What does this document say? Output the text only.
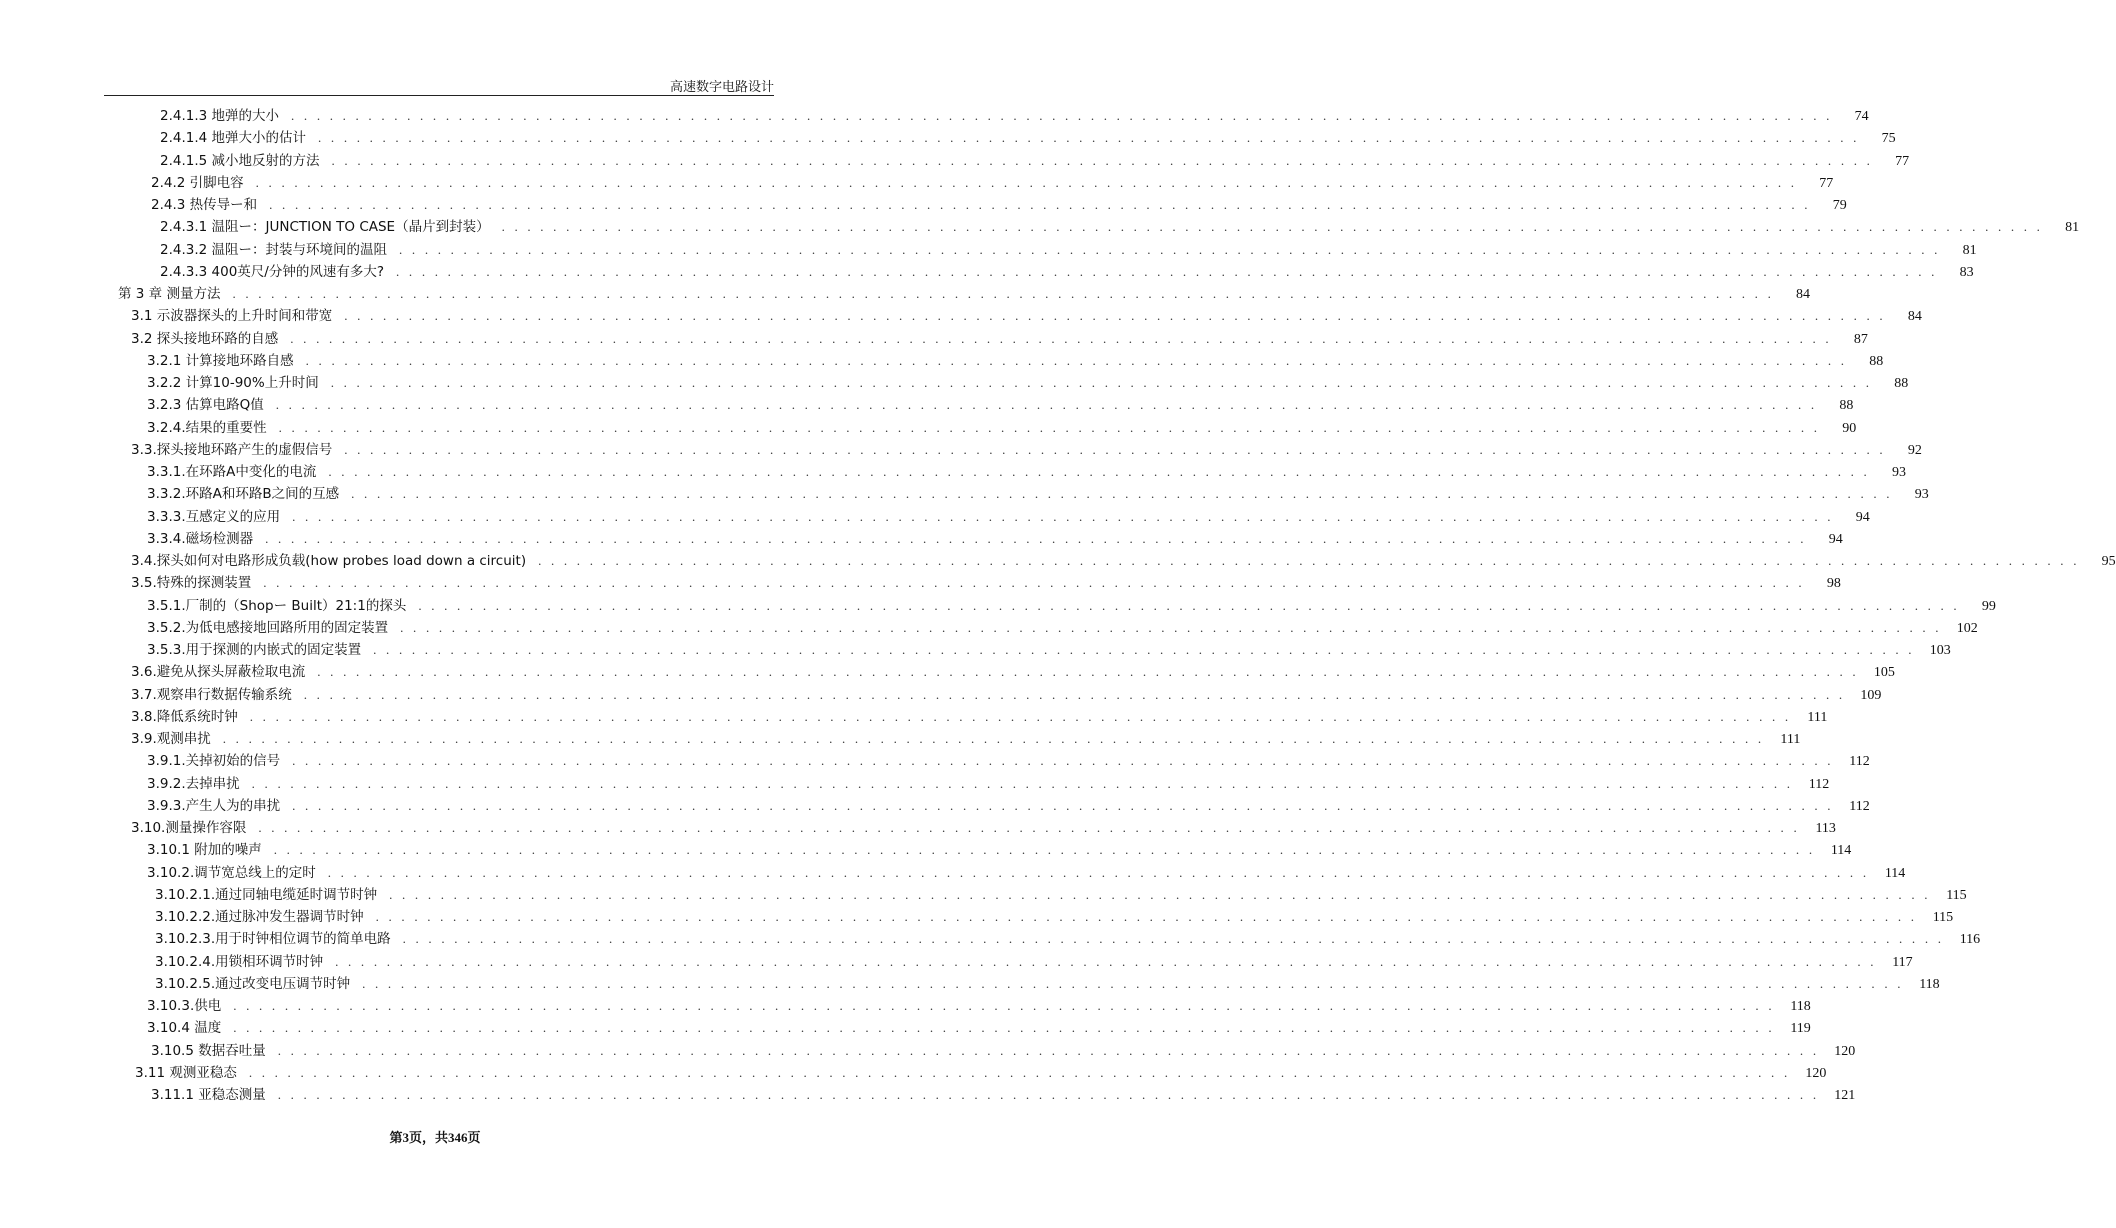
高速数字电路设计
2.4.1.3 地弹的大小 . . . . . . . . . . . . . . . . . . . . . . . . . . . . . . . . . . . . . . . . . . . . . . . . . . . . . . . . . . . . . . . . . . . . . . . . . . . . . . . . . . . . . . . . . . . . . . . . . . . . . . . . . . . . . . . . . . . . . . . .	74
2.4.1.4 地弹大小的估计 . . . . . . . . . . . . . . . . . . . . . . . . . . . . . . . . . . . . . . . . . . . . . . . . . . . . . . . . . . . . . . . . . . . . . . . . . . . . . . . . . . . . . . . . . . . . . . . . . . . . . . . . . . . . . . . . . . . . . . . .	75
2.4.1.5 减小地反射的方法 . . . . . . . . . . . . . . . . . . . . . . . . . . . . . . . . . . . . . . . . . . . . . . . . . . . . . . . . . . . . . . . . . . . . . . . . . . . . . . . . . . . . . . . . . . . . . . . . . . . . . . . . . . . . . . . . . . . . . . . .	77
2.4.2 引脚电容 . . . . . . . . . . . . . . . . . . . . . . . . . . . . . . . . . . . . . . . . . . . . . . . . . . . . . . . . . . . . . . . . . . . . . . . . . . . . . . . . . . . . . . . . . . . . . . . . . . . . . . . . . . . . . . . . . . . . . . . .	77
2.4.3 热传导ー和 . . . . . . . . . . . . . . . . . . . . . . . . . . . . . . . . . . . . . . . . . . . . . . . . . . . . . . . . . . . . . . . . . . . . . . . . . . . . . . . . . . . . . . . . . . . . . . . . . . . . . . . . . . . . . . . . . . . . . . . .	79
2.4.3.1 温阻ー：JUNCTION TO CASE（晶片到封装） . . . . . . . . . . . . . . . . . . . . . . . . . . . . . . . . . . . . . . . . . . . . . . . . . . . . . . . . . . . . . . . . . . . . . . . . . . . . . . . . . . . . . . . . . . . . . . . . . . . . . . . . . . . . . . . . . . . . . . . .	81
2.4.3.2 温阻ー：封装与环境间的温阻 . . . . . . . . . . . . . . . . . . . . . . . . . . . . . . . . . . . . . . . . . . . . . . . . . . . . . . . . . . . . . . . . . . . . . . . . . . . . . . . . . . . . . . . . . . . . . . . . . . . . . . . . . . . . . . . . . . . . . . . .	81
2.4.3.3 400英尺/分钟的风速有多大? . . . . . . . . . . . . . . . . . . . . . . . . . . . . . . . . . . . . . . . . . . . . . . . . . . . . . . . . . . . . . . . . . . . . . . . . . . . . . . . . . . . . . . . . . . . . . . . . . . . . . . . . . . . . . . . . . . . . . . . .	83
第 3 章 测量方法 . . . . . . . . . . . . . . . . . . . . . . . . . . . . . . . . . . . . . . . . . . . . . . . . . . . . . . . . . . . . . . . . . . . . . . . . . . . . . . . . . . . . . . . . . . . . . . . . . . . . . . . . . . . . . . . . . . . . . . . .	84
3.1 示波器探头的上升时间和带宽 . . . . . . . . . . . . . . . . . . . . . . . . . . . . . . . . . . . . . . . . . . . . . . . . . . . . . . . . . . . . . . . . . . . . . . . . . . . . . . . . . . . . . . . . . . . . . . . . . . . . . . . . . . . . . . . . . . . . . . . .	84
3.2 探头接地环路的自感 . . . . . . . . . . . . . . . . . . . . . . . . . . . . . . . . . . . . . . . . . . . . . . . . . . . . . . . . . . . . . . . . . . . . . . . . . . . . . . . . . . . . . . . . . . . . . . . . . . . . . . . . . . . . . . . . . . . . . . . .	87
3.2.1 计算接地环路自感 . . . . . . . . . . . . . . . . . . . . . . . . . . . . . . . . . . . . . . . . . . . . . . . . . . . . . . . . . . . . . . . . . . . . . . . . . . . . . . . . . . . . . . . . . . . . . . . . . . . . . . . . . . . . . . . . . . . . . . . .	88
3.2.2 计算10-90%上升时间 . . . . . . . . . . . . . . . . . . . . . . . . . . . . . . . . . . . . . . . . . . . . . . . . . . . . . . . . . . . . . . . . . . . . . . . . . . . . . . . . . . . . . . . . . . . . . . . . . . . . . . . . . . . . . . . . . . . . . . . .	88
3.2.3 估算电路Q值 . . . . . . . . . . . . . . . . . . . . . . . . . . . . . . . . . . . . . . . . . . . . . . . . . . . . . . . . . . . . . . . . . . . . . . . . . . . . . . . . . . . . . . . . . . . . . . . . . . . . . . . . . . . . . . . . . . . . . . . .	88
3.2.4.结果的重要性 . . . . . . . . . . . . . . . . . . . . . . . . . . . . . . . . . . . . . . . . . . . . . . . . . . . . . . . . . . . . . . . . . . . . . . . . . . . . . . . . . . . . . . . . . . . . . . . . . . . . . . . . . . . . . . . . . . . . . . . .	90
3.3.探头接地环路产生的虚假信号 . . . . . . . . . . . . . . . . . . . . . . . . . . . . . . . . . . . . . . . . . . . . . . . . . . . . . . . . . . . . . . . . . . . . . . . . . . . . . . . . . . . . . . . . . . . . . . . . . . . . . . . . . . . . . . . . . . . . . . . .	92
3.3.1.在环路A中变化的电流 . . . . . . . . . . . . . . . . . . . . . . . . . . . . . . . . . . . . . . . . . . . . . . . . . . . . . . . . . . . . . . . . . . . . . . . . . . . . . . . . . . . . . . . . . . . . . . . . . . . . . . . . . . . . . . . . . . . . . . . .	93
3.3.2.环路A和环路B之间的互感 . . . . . . . . . . . . . . . . . . . . . . . . . . . . . . . . . . . . . . . . . . . . . . . . . . . . . . . . . . . . . . . . . . . . . . . . . . . . . . . . . . . . . . . . . . . . . . . . . . . . . . . . . . . . . . . . . . . . . . . .	93
3.3.3.互感定义的应用 . . . . . . . . . . . . . . . . . . . . . . . . . . . . . . . . . . . . . . . . . . . . . . . . . . . . . . . . . . . . . . . . . . . . . . . . . . . . . . . . . . . . . . . . . . . . . . . . . . . . . . . . . . . . . . . . . . . . . . . .	94
3.3.4.磁场检测器 . . . . . . . . . . . . . . . . . . . . . . . . . . . . . . . . . . . . . . . . . . . . . . . . . . . . . . . . . . . . . . . . . . . . . . . . . . . . . . . . . . . . . . . . . . . . . . . . . . . . . . . . . . . . . . . . . . . . . . . .	94
3.4.探头如何对电路形成负载(how probes load down a circuit) . . . . . . . . . . . . . . . . . . . . . . . . . . . . . . . . . . . . . . . . . . . . . . . . . . . . . . . . . . . . . . . . . . . . . . . . . . . . . . . . . . . . . . . . . . . . . . . . . . . . . . . . . . . . . . . . . . . . . . . .	95
3.5.特殊的探测装置 . . . . . . . . . . . . . . . . . . . . . . . . . . . . . . . . . . . . . . . . . . . . . . . . . . . . . . . . . . . . . . . . . . . . . . . . . . . . . . . . . . . . . . . . . . . . . . . . . . . . . . . . . . . . . . . . . . . . . . . .	98
3.5.1.厂制的（Shopー Built）21:1的探头 . . . . . . . . . . . . . . . . . . . . . . . . . . . . . . . . . . . . . . . . . . . . . . . . . . . . . . . . . . . . . . . . . . . . . . . . . . . . . . . . . . . . . . . . . . . . . . . . . . . . . . . . . . . . . . . . . . . . . . . .	99
3.5.2.为低电感接地回路所用的固定装置 . . . . . . . . . . . . . . . . . . . . . . . . . . . . . . . . . . . . . . . . . . . . . . . . . . . . . . . . . . . . . . . . . . . . . . . . . . . . . . . . . . . . . . . . . . . . . . . . . . . . . . . . . . . . . . . . . . . . . . . .	102
3.5.3.用于探测的内嵌式的固定装置 . . . . . . . . . . . . . . . . . . . . . . . . . . . . . . . . . . . . . . . . . . . . . . . . . . . . . . . . . . . . . . . . . . . . . . . . . . . . . . . . . . . . . . . . . . . . . . . . . . . . . . . . . . . . . . . . . . . . . . . .	103
3.6.避免从探头屏蔽检取电流 . . . . . . . . . . . . . . . . . . . . . . . . . . . . . . . . . . . . . . . . . . . . . . . . . . . . . . . . . . . . . . . . . . . . . . . . . . . . . . . . . . . . . . . . . . . . . . . . . . . . . . . . . . . . . . . . . . . . . . . .	105
3.7.观察串行数据传输系统 . . . . . . . . . . . . . . . . . . . . . . . . . . . . . . . . . . . . . . . . . . . . . . . . . . . . . . . . . . . . . . . . . . . . . . . . . . . . . . . . . . . . . . . . . . . . . . . . . . . . . . . . . . . . . . . . . . . . . . . .	109
3.8.降低系统时钟 . . . . . . . . . . . . . . . . . . . . . . . . . . . . . . . . . . . . . . . . . . . . . . . . . . . . . . . . . . . . . . . . . . . . . . . . . . . . . . . . . . . . . . . . . . . . . . . . . . . . . . . . . . . . . . . . . . . . . . . .	111
3.9.观测串扰 . . . . . . . . . . . . . . . . . . . . . . . . . . . . . . . . . . . . . . . . . . . . . . . . . . . . . . . . . . . . . . . . . . . . . . . . . . . . . . . . . . . . . . . . . . . . . . . . . . . . . . . . . . . . . . . . . . . . . . . .	111
3.9.1.关掉初始的信号 . . . . . . . . . . . . . . . . . . . . . . . . . . . . . . . . . . . . . . . . . . . . . . . . . . . . . . . . . . . . . . . . . . . . . . . . . . . . . . . . . . . . . . . . . . . . . . . . . . . . . . . . . . . . . . . . . . . . . . . .	112
3.9.2.去掉串扰 . . . . . . . . . . . . . . . . . . . . . . . . . . . . . . . . . . . . . . . . . . . . . . . . . . . . . . . . . . . . . . . . . . . . . . . . . . . . . . . . . . . . . . . . . . . . . . . . . . . . . . . . . . . . . . . . . . . . . . . .	112
3.9.3.产生人为的串扰 . . . . . . . . . . . . . . . . . . . . . . . . . . . . . . . . . . . . . . . . . . . . . . . . . . . . . . . . . . . . . . . . . . . . . . . . . . . . . . . . . . . . . . . . . . . . . . . . . . . . . . . . . . . . . . . . . . . . . . . .	112
3.10.测量操作容限 . . . . . . . . . . . . . . . . . . . . . . . . . . . . . . . . . . . . . . . . . . . . . . . . . . . . . . . . . . . . . . . . . . . . . . . . . . . . . . . . . . . . . . . . . . . . . . . . . . . . . . . . . . . . . . . . . . . . . . . .	113
3.10.1 附加的噪声 . . . . . . . . . . . . . . . . . . . . . . . . . . . . . . . . . . . . . . . . . . . . . . . . . . . . . . . . . . . . . . . . . . . . . . . . . . . . . . . . . . . . . . . . . . . . . . . . . . . . . . . . . . . . . . . . . . . . . . . .	114
3.10.2.调节宽总线上的定时 . . . . . . . . . . . . . . . . . . . . . . . . . . . . . . . . . . . . . . . . . . . . . . . . . . . . . . . . . . . . . . . . . . . . . . . . . . . . . . . . . . . . . . . . . . . . . . . . . . . . . . . . . . . . . . . . . . . . . . . .	114
3.10.2.1.通过同轴电缆延时调节时钟 . . . . . . . . . . . . . . . . . . . . . . . . . . . . . . . . . . . . . . . . . . . . . . . . . . . . . . . . . . . . . . . . . . . . . . . . . . . . . . . . . . . . . . . . . . . . . . . . . . . . . . . . . . . . . . . . . . . . . . . .	115
3.10.2.2.通过脉冲发生器调节时钟 . . . . . . . . . . . . . . . . . . . . . . . . . . . . . . . . . . . . . . . . . . . . . . . . . . . . . . . . . . . . . . . . . . . . . . . . . . . . . . . . . . . . . . . . . . . . . . . . . . . . . . . . . . . . . . . . . . . . . . . .	115
3.10.2.3.用于时钟相位调节的简单电路 . . . . . . . . . . . . . . . . . . . . . . . . . . . . . . . . . . . . . . . . . . . . . . . . . . . . . . . . . . . . . . . . . . . . . . . . . . . . . . . . . . . . . . . . . . . . . . . . . . . . . . . . . . . . . . . . . . . . . . . .	116
3.10.2.4.用锁相环调节时钟 . . . . . . . . . . . . . . . . . . . . . . . . . . . . . . . . . . . . . . . . . . . . . . . . . . . . . . . . . . . . . . . . . . . . . . . . . . . . . . . . . . . . . . . . . . . . . . . . . . . . . . . . . . . . . . . . . . . . . . . .	117
3.10.2.5.通过改变电压调节时钟 . . . . . . . . . . . . . . . . . . . . . . . . . . . . . . . . . . . . . . . . . . . . . . . . . . . . . . . . . . . . . . . . . . . . . . . . . . . . . . . . . . . . . . . . . . . . . . . . . . . . . . . . . . . . . . . . . . . . . . . .	118
3.10.3.供电 . . . . . . . . . . . . . . . . . . . . . . . . . . . . . . . . . . . . . . . . . . . . . . . . . . . . . . . . . . . . . . . . . . . . . . . . . . . . . . . . . . . . . . . . . . . . . . . . . . . . . . . . . . . . . . . . . . . . . . . .	118
3.10.4 温度 . . . . . . . . . . . . . . . . . . . . . . . . . . . . . . . . . . . . . . . . . . . . . . . . . . . . . . . . . . . . . . . . . . . . . . . . . . . . . . . . . . . . . . . . . . . . . . . . . . . . . . . . . . . . . . . . . . . . . . . .	119
3.10.5 数据吞吐量 . . . . . . . . . . . . . . . . . . . . . . . . . . . . . . . . . . . . . . . . . . . . . . . . . . . . . . . . . . . . . . . . . . . . . . . . . . . . . . . . . . . . . . . . . . . . . . . . . . . . . . . . . . . . . . . . . . . . . . . .	120
3.11 观测亚稳态 . . . . . . . . . . . . . . . . . . . . . . . . . . . . . . . . . . . . . . . . . . . . . . . . . . . . . . . . . . . . . . . . . . . . . . . . . . . . . . . . . . . . . . . . . . . . . . . . . . . . . . . . . . . . . . . . . . . . . . . .	120
3.11.1 亚稳态测量 . . . . . . . . . . . . . . . . . . . . . . . . . . . . . . . . . . . . . . . . . . . . . . . . . . . . . . . . . . . . . . . . . . . . . . . . . . . . . . . . . . . . . . . . . . . . . . . . . . . . . . . . . . . . . . . . . . . . . . . .	121
第3页，共346页
